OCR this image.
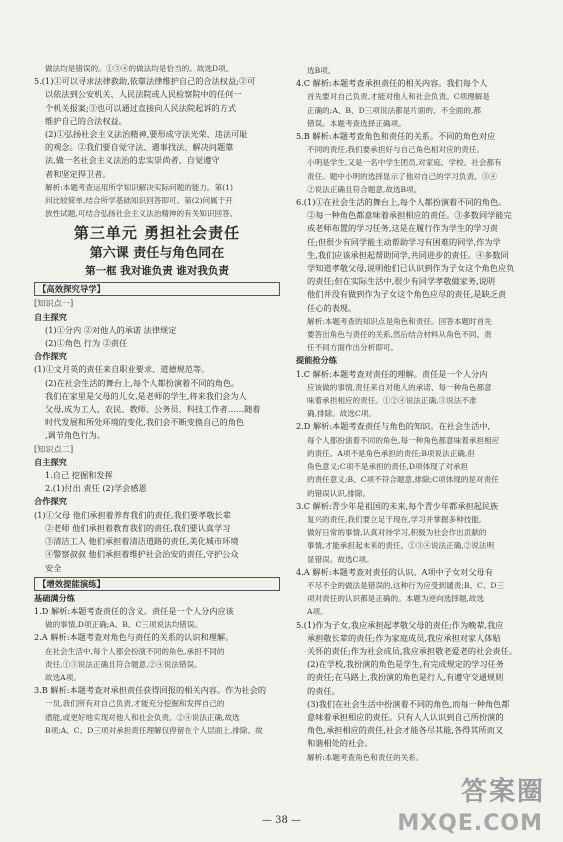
做法均是错误的。①③④的做法均是恰当的。故选D项。
5.(1)①可以寻求法律救助,依靠法律维护自己的合法权益;②可
以依法到公安机关、人民法院或人民检察院中的任何一
个机关报案;③也可以通过直接向人民法院起诉的方式
维护自己的合法权益。
(2)①弘扬社会主义法治精神,要形成守法光荣、违法可耻
的观念。②我们要自觉守法、遇事找法、解决问题靠
法,做一名社会主义法治的忠实崇尚者、自觉遵守
者和坚定捍卫者。
解析:本题考查运用所学知识解决实际问题的能力。第(1)
问比较简单,结合所学基础知识回答即可。第(2)问属于开
放性试题,可结合弘扬社会主义法治精神的有关知识回答。
第三单元 勇担社会责任
第六课 责任与角色同在
第一框 我对谁负责 谁对我负责
【高效探究导学】
[知识点一]
自主探究
(1)①分内 ②对他人的承诺 法律规定
(2)①角色 行为 ②责任
合作探究
(1)①文月英的责任来自职业要求、道德规范等。
(2)在社会生活的舞台上,每个人都扮演着不同的角色。
我们在家里是父母的儿女,是老师的学生,将来我们会为人
父母,成为工人、农民、教师、公务员、科技工作者……随着
时代发展和所处环境的变化,我们会不断变换自己的角色
,调节角色行为。
[知识点二]
自主探究
1.自己 挖掘和发挥
2.(1)付出 责任 (2)学会感恩
合作探究
(1)①父母 他们承担着养育我们的责任,我们要孝敬长辈
②老师 他们承担着教育我们的责任,我们要认真学习
③清洁工人 他们承担着清洁道路的责任,美化城市环境
④警察叔叔 他们承担着维护社会治安的责任,守护公众
安全
【增效提能演练】
基础满分练
1.D 解析:本题考查责任的含义。责任是一个人分内应该
做的事情,D项正确;A、B、C三项说法均错误。
2.A 解析:本题考查对角色与责任的关系的认识和理解。
在社会生活中,每个人都会扮演不同的角色,承担不同的
责任,①③说法正确且符合题意,②④说法错误。
故选A项。
3.B 解析:本题考查对承担责任获得回报的相关内容。作为社会的
一员,我们所有对自己负责,才能充分挖掘和发挥自己的
潜能,或更好地实现对他人和社会负责。②④说法正确,故选
B项;A、C、D三项对承担责任理解仅停留在个人层面上,排除。故
选B项。
4.C 解析:本题考查承担责任的相关内容。我们每个人
首先要对自己负责,才能对他人和社会负责。C项理解是
正确的;A、B、D三项说法都是片面的、不全面的,都
错误。本题考查选择正确项。
5.B 解析:本题考查角色和责任的关系。不同的角色对应
不同的责任,我们要承担好与自己角色相对应的责任。
小明是学生,又是一名中学生团员,对家庭、学校、社会都有
责任。题中小明的选择显示了他对自己的学习负责。③④
②说法正确且符合题意,故选B项。
6.(1)①在社会生活的舞台上,每个人都扮演着不同的角色。
②每一种角色都意味着承担相应的责任。③多数同学能完
成老师布置的学习任务,这是在履行作为学生的学习责
任;但很少有同学能主动帮助学习有困难的同学,作为学
生,我们应该承担起帮助同学,共同进步的责任。④多数同
学知道孝敬父母,说明他们已认识到作为子女这个角色应负
的责任;但在实际生活中,很少有同学孝敬做家务,说明
他们并没有做到作为子女这个角色应尽的责任,是缺乏责
任心的表现。
解析:本题考查的知识点是角色和责任。回答本题时首先
要答出角色与责任的关系,然后结合材料从角色不同、责
任不同方面作出分析即可。
提能抢分练
1.C 解析:本题考查对责任的理解。责任是一个人分内
应该做的事情,责任来自对他人的承诺、每一种角色都意
味着承担相应的责任。①②④说法正确,③说法不准
确,排除。故选C项。
2.D 解析:本题考查责任与角色的知识。在社会生活中,
每个人都扮演着不同的角色,每一种角色都意味着承担相应
的责任。A项不是角色承担的责任;B项说法正确,但
角色意义;C项不是承担的责任,D项体现了对承担
的责任意义;B、C项不符合题意,排除;C项体现的是对责任
的错误认识,排除。
3.C 解析:青少年是祖国的未来,每个青少年都承担起民族
复兴的责任,我们要立足于现在,学习并掌握多种技能,
做好日常的事情,认真对待学习,积极为社会作出贡献的
事情,才能承担起未来的责任。①③④说法正确,②说法明
显错误。故选C项。
4.A 解析:本题考查对责任的认识。A项中子女对父母有
不尽不全的做法是错误的,这种行为应受到谴责;B、C、D三
项对责任的认识都是正确的。本题为逆向选择题,故选
A项。
5.(1)作为子女,我应承担起孝敬父母的责任;作为晚辈,我应
承担敬长辈的责任;作为家庭成员,我应承担对家人体贴
关怀的责任;作为社会成员,我应承担敬老爱老的社会责任。
(2)在学校,我扮演的角色是学生,有完成规定的学习任务
的责任;在马路上,我扮演的角色是行人,有遵守交通规则
的责任。
(3)我们在社会生活中扮演着不同的角色,而每一种角色都
意味着承担相应的责任。只有人人认识到自己所扮演的
角色,承担相应的责任,社会才能各尽其能,各得其所而又
和谐相处的社会。
解析:本题考查角色和责任的关系。
— 38 —
答案圈
MXQE.COM
